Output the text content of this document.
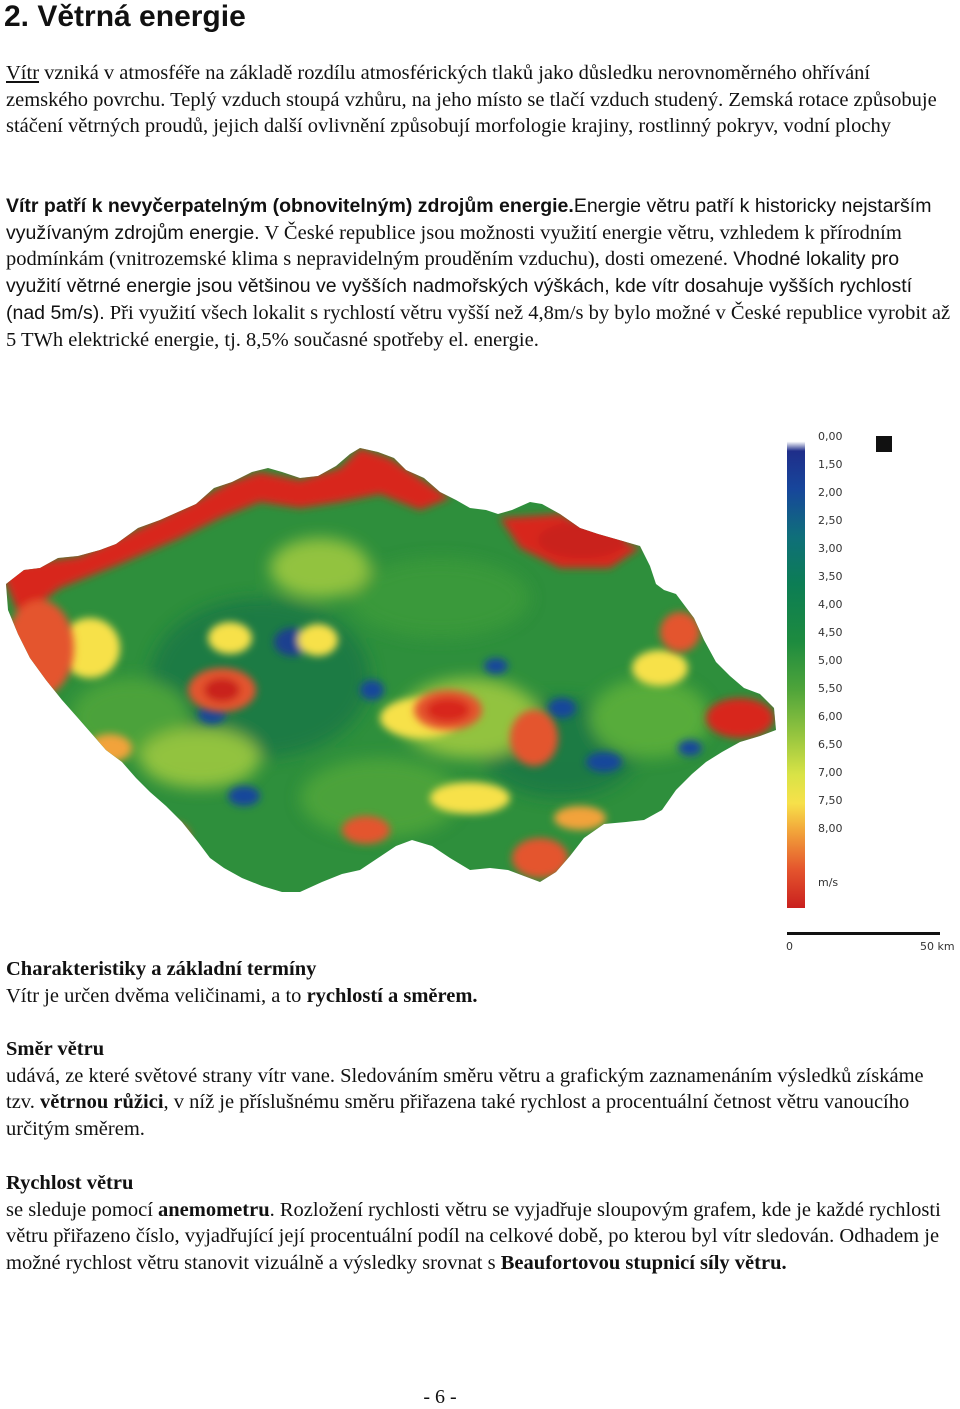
2. Větrná energie

Vítr vzniká v atmosféře na základě rozdílu atmosférických tlaků jako důsledku nerovnoměrného ohřívání zemského povrchu. Teplý vzduch stoupá vzhůru, na jeho místo se tlačí vzduch studený. Zemská rotace způsobuje stáčení větrných proudů, jejich další ovlivnění způsobují morfologie krajiny, rostlinný pokryv, vodní plochy

Vítr patří k nevyčerpatelným (obnovitelným) zdrojům energie.Energie větru patří k historicky nejstarším využívaným zdrojům energie. V České republice jsou možnosti využití energie větru, vzhledem k přírodním podmínkám (vnitrozemské klima s nepravidelným prouděním vzduchu), dosti omezené. Vhodné lokality pro využití větrné energie jsou většinou ve vyšších nadmořských výškách, kde vítr dosahuje vyšších rychlostí (nad 5m/s). Při využití všech lokalit s rychlostí větru vyšší než 4,8m/s by bylo možné v České republice vyrobit až 5 TWh elektrické energie, tj. 8,5% současné spotřeby el. energie.

0,00
1,50
2,00
2,50
3,00
3,50
4,00
4,50
5,00
5,50
6,00
6,50
7,00
7,50
8,00
m/s
0	50 km
Charakteristiky a základní termíny
Vítr je určen dvěma veličinami, a to rychlostí a směrem.
Směr větru
udává, ze které světové strany vítr vane. Sledováním směru větru a grafickým zaznamenáním výsledků získáme tzv. větrnou růžici, v níž je příslušnému směru přiřazena také rychlost a procentuální četnost větru vanoucího určitým směrem.
Rychlost větru
se sleduje pomocí anemometru. Rozložení rychlosti větru se vyjadřuje sloupovým grafem, kde je každé rychlosti větru přiřazeno číslo, vyjadřující její procentuální podíl na celkové době, po kterou byl vítr sledován. Odhadem je možné rychlost větru stanovit vizuálně a výsledky srovnat s Beaufortovou stupnicí síly větru.
- 6 -
